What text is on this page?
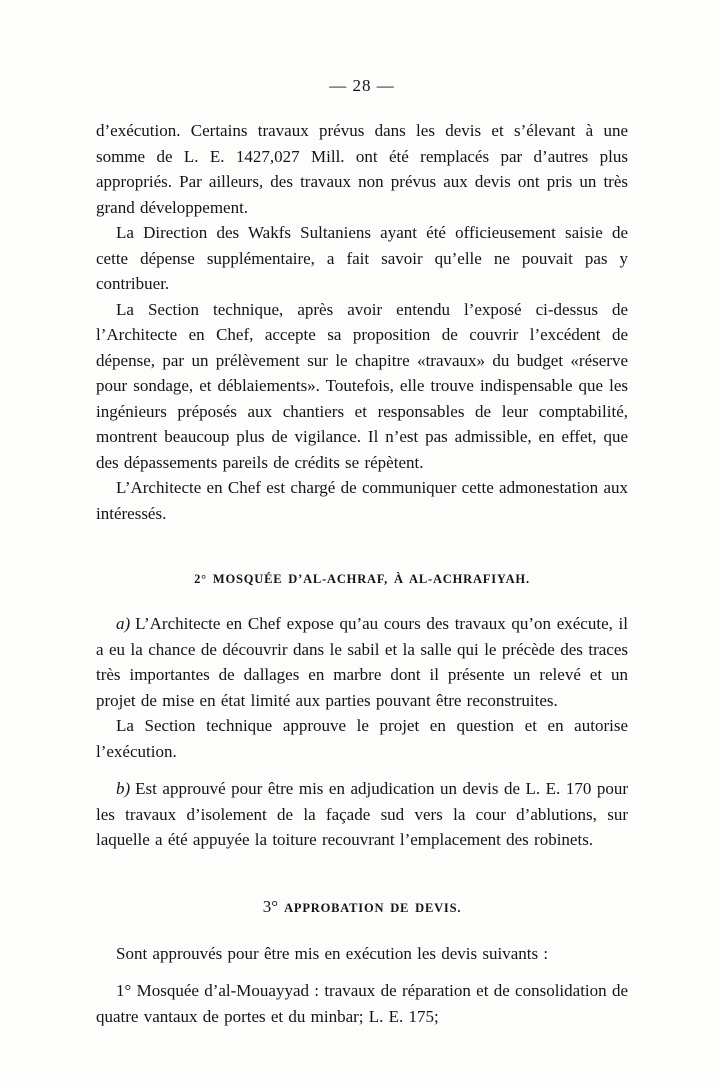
— 28 —

d’exécution. Certains travaux prévus dans les devis et s’élevant à une somme de L. E. 1427,027 Mill. ont été remplacés par d’autres plus appropriés. Par ailleurs, des travaux non prévus aux devis ont pris un très grand développement.

La Direction des Wakfs Sultaniens ayant été officieusement saisie de cette dépense supplémentaire, a fait savoir qu’elle ne pouvait pas y contribuer.

La Section technique, après avoir entendu l’exposé ci-dessus de l’Architecte en Chef, accepte sa proposition de couvrir l’excédent de dépense, par un prélèvement sur le chapitre «travaux» du budget «réserve pour sondage, et déblaiements». Toutefois, elle trouve indispensable que les ingénieurs préposés aux chantiers et responsables de leur comptabilité, montrent beaucoup plus de vigilance. Il n’est pas admissible, en effet, que des dépassements pareils de crédits se répètent.

L’Architecte en Chef est chargé de communiquer cette admonestation aux intéressés.

2° MOSQUÉE D’AL-ACHRAF, À AL-ACHRAFIYAH.

a) L’Architecte en Chef expose qu’au cours des travaux qu’on exécute, il a eu la chance de découvrir dans le sabil et la salle qui le précède des traces très importantes de dallages en marbre dont il présente un relevé et un projet de mise en état limité aux parties pouvant être reconstruites.

La Section technique approuve le projet en question et en autorise l’exécution.

b) Est approuvé pour être mis en adjudication un devis de L. E. 170 pour les travaux d’isolement de la façade sud vers la cour d’ablutions, sur laquelle a été appuyée la toiture recouvrant l’emplacement des robinets.

3° APPROBATION DE DEVIS.

Sont approuvés pour être mis en exécution les devis suivants :

1° Mosquée d’al-Mouayyad : travaux de réparation et de consolidation de quatre vantaux de portes et du minbar; L. E. 175;
